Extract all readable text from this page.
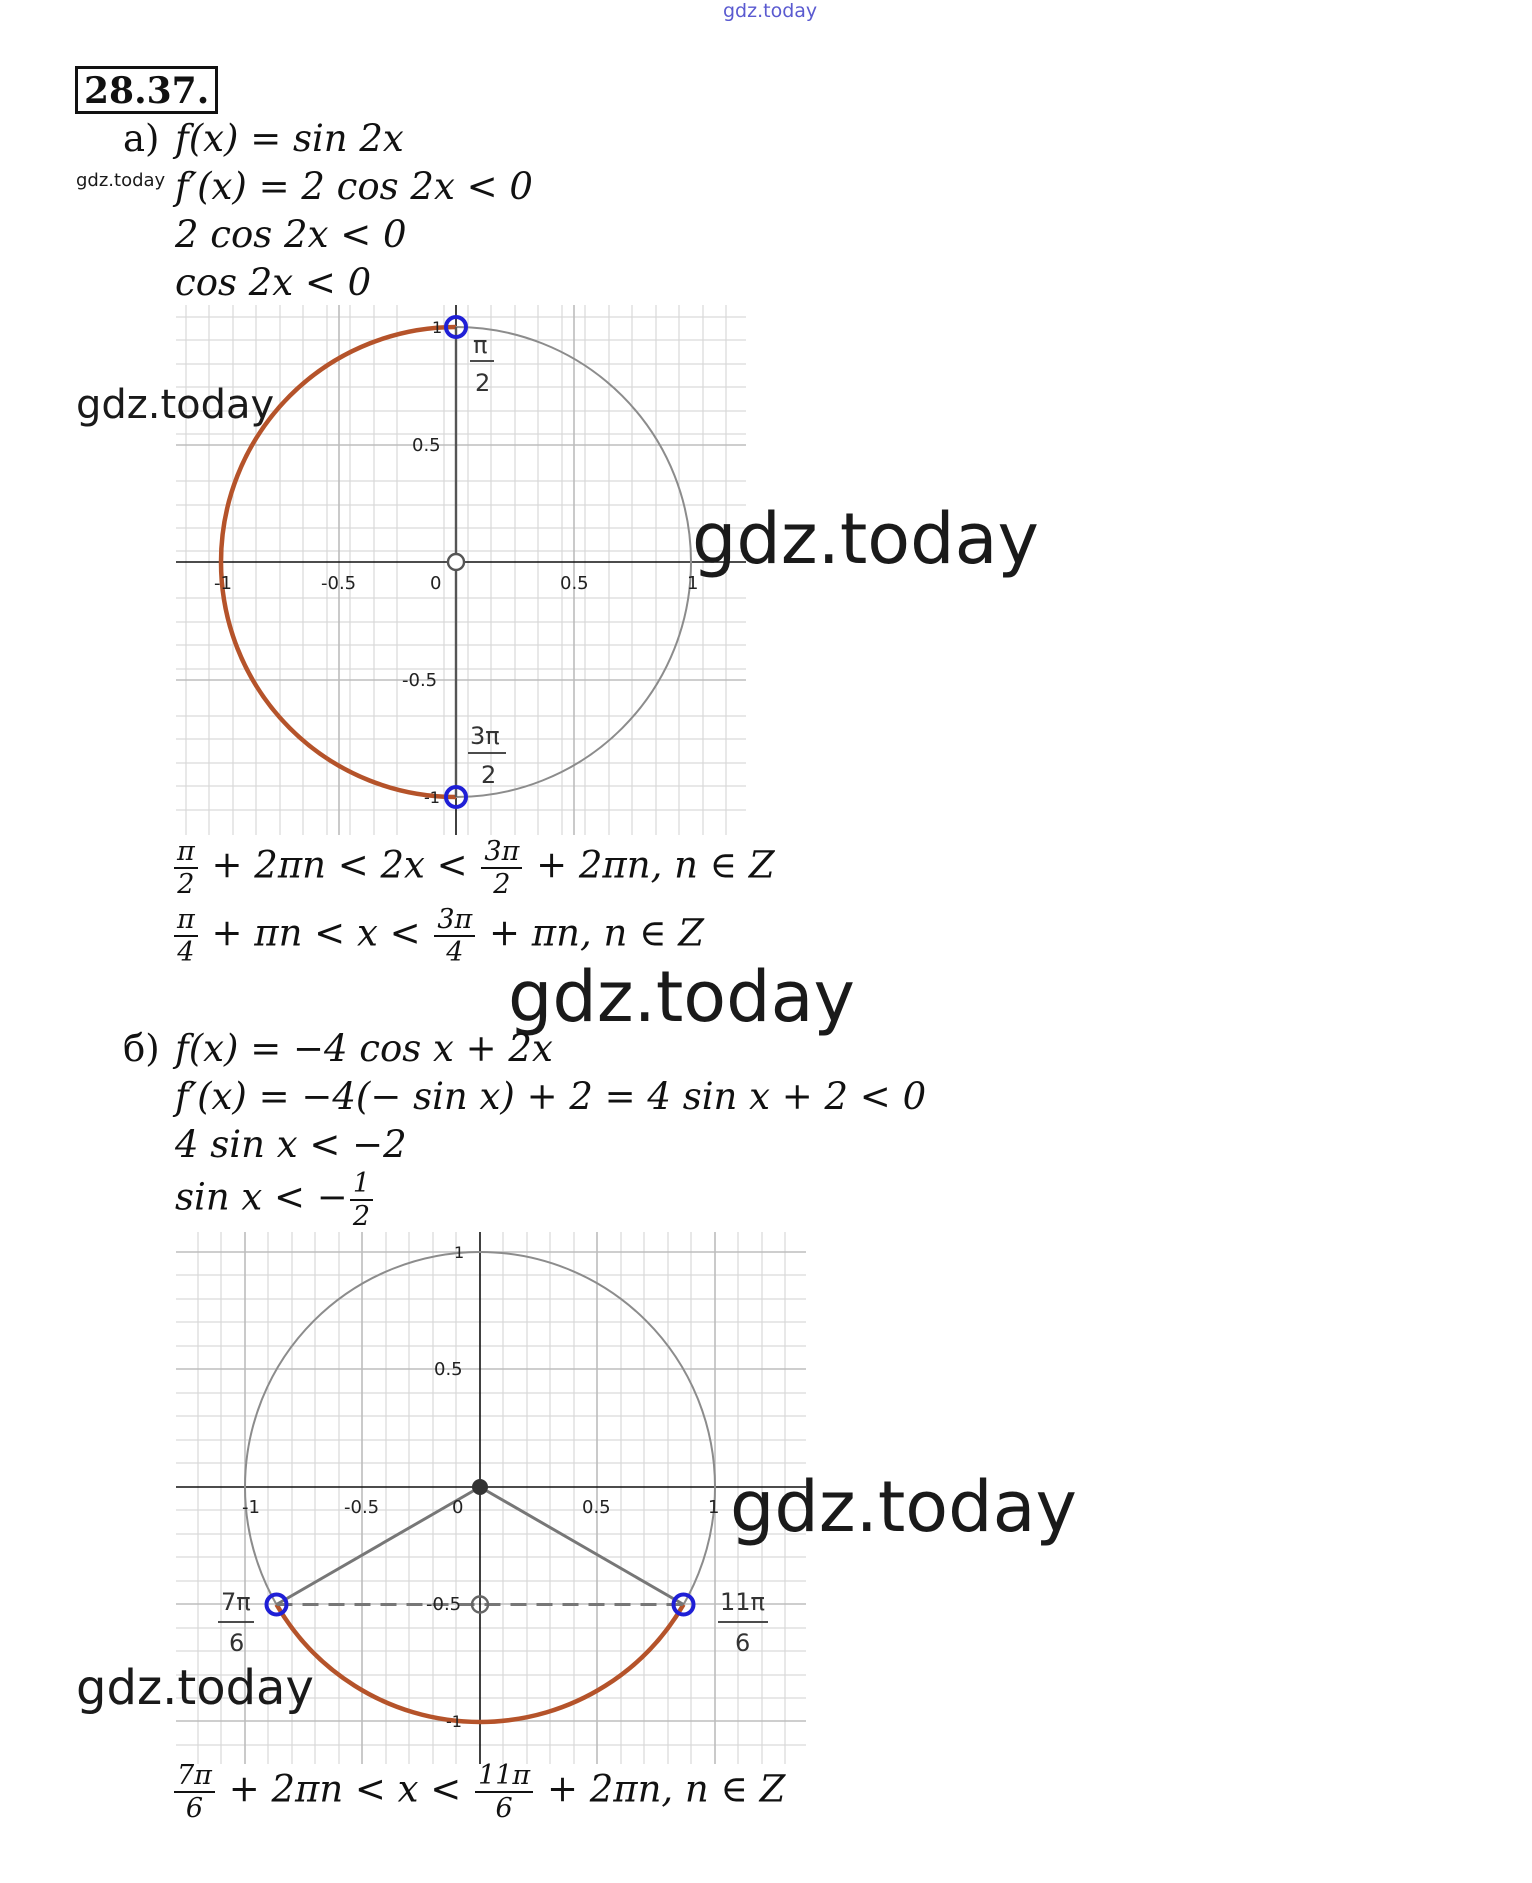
gdz.today
28.37.
а) f(x) = sin 2x
gdz.today f′(x) = 2 cos 2x < 0
2 cos 2x < 0
cos 2x < 0
-1	-0.5	0	0.5	1
0.5
-0.5
1
-1
π
2
3π
2
gdz.today
gdz.today
$\frac{\pi}{2} + 2\pi n < 2x < \frac{3\pi}{2} + 2\pi n$, n ∈ Z
$\frac{\pi}{4} + \pi n < x < \frac{3\pi}{4} + \pi n$, n ∈ Z
gdz.today
б) f(x) = −4 cos x + 2x
f′(x) = −4(− sin x) + 2 = 4 sin x + 2 < 0
4 sin x < −2
sin x < − $\frac{1}{2}$
-1	-0.5	0	0.5	1
0.5
-0.5
1
-1
7π
6
11π
6
gdz.today
gdz.today
$\frac{7\pi}{6} + 2\pi n < x < \frac{11\pi}{6} + 2\pi n$, n ∈ Z
